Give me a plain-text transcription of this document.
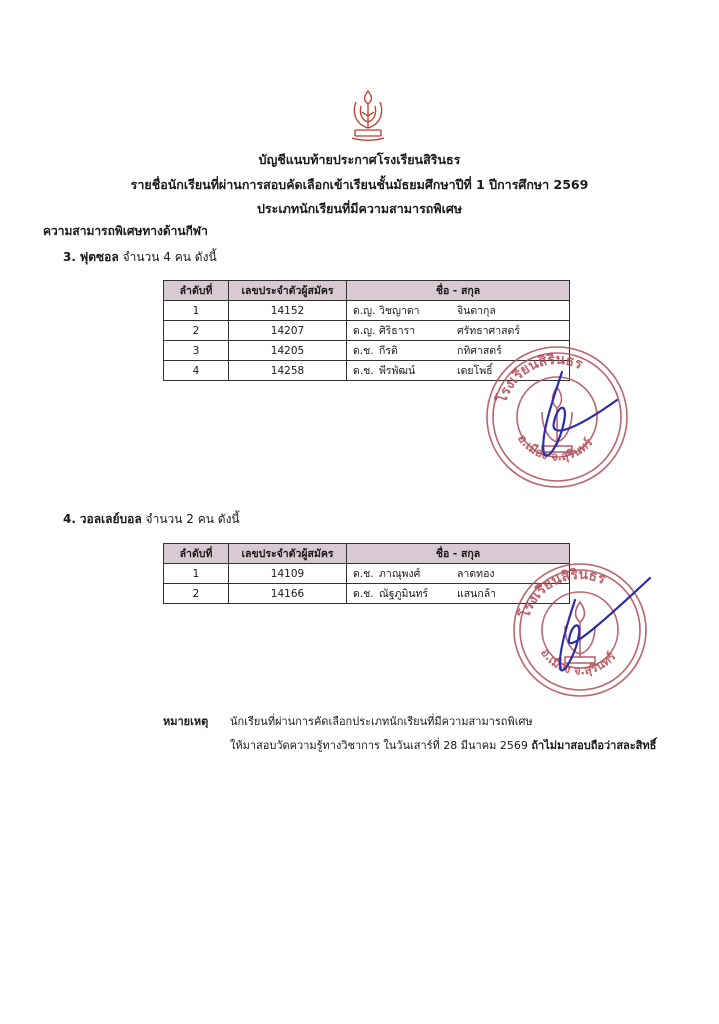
บัญชีแนบท้ายประกาศโรงเรียนสิรินธร
รายชื่อนักเรียนที่ผ่านการสอบคัดเลือกเข้าเรียนชั้นมัธยมศึกษาปีที่ 1 ปีการศึกษา 2569
ประเภทนักเรียนที่มีความสามารถพิเศษ
ความสามารถพิเศษทางด้านกีฬา
3. ฟุตซอล จำนวน 4 คน ดังนี้
ลำดับที่	เลขประจำตัวผู้สมัคร	ชื่อ - สกุล
1	14152	ด.ญ. วิชญาดา จินดากุล
2	14207	ด.ญ. ศิริธารา ศรัทธาศาสตร์
3	14205	ด.ช. กีรติ กทิศาสตร์
4	14258	ด.ช. พีรพัฒน์ เดยโพธิ์
โรงเรียนสิรินธร
อ.เมือง จ.สุรินทร์
4. วอลเลย์บอล จำนวน 2 คน ดังนี้
ลำดับที่	เลขประจำตัวผู้สมัคร	ชื่อ - สกุล
1	14109	ด.ช. ภาณุพงศ์ ลาดทอง
2	14166	ด.ช. ณัฐภูมินทร์ แสนกล้า
โรงเรียนสิรินธร
อ.เมือง จ.สุรินทร์
หมายเหตุ นักเรียนที่ผ่านการคัดเลือกประเภทนักเรียนที่มีความสามารถพิเศษ
ให้มาสอบวัดความรู้ทางวิชาการ ในวันเสาร์ที่ 28 มีนาคม 2569 ถ้าไม่มาสอบถือว่าสละสิทธิ์
